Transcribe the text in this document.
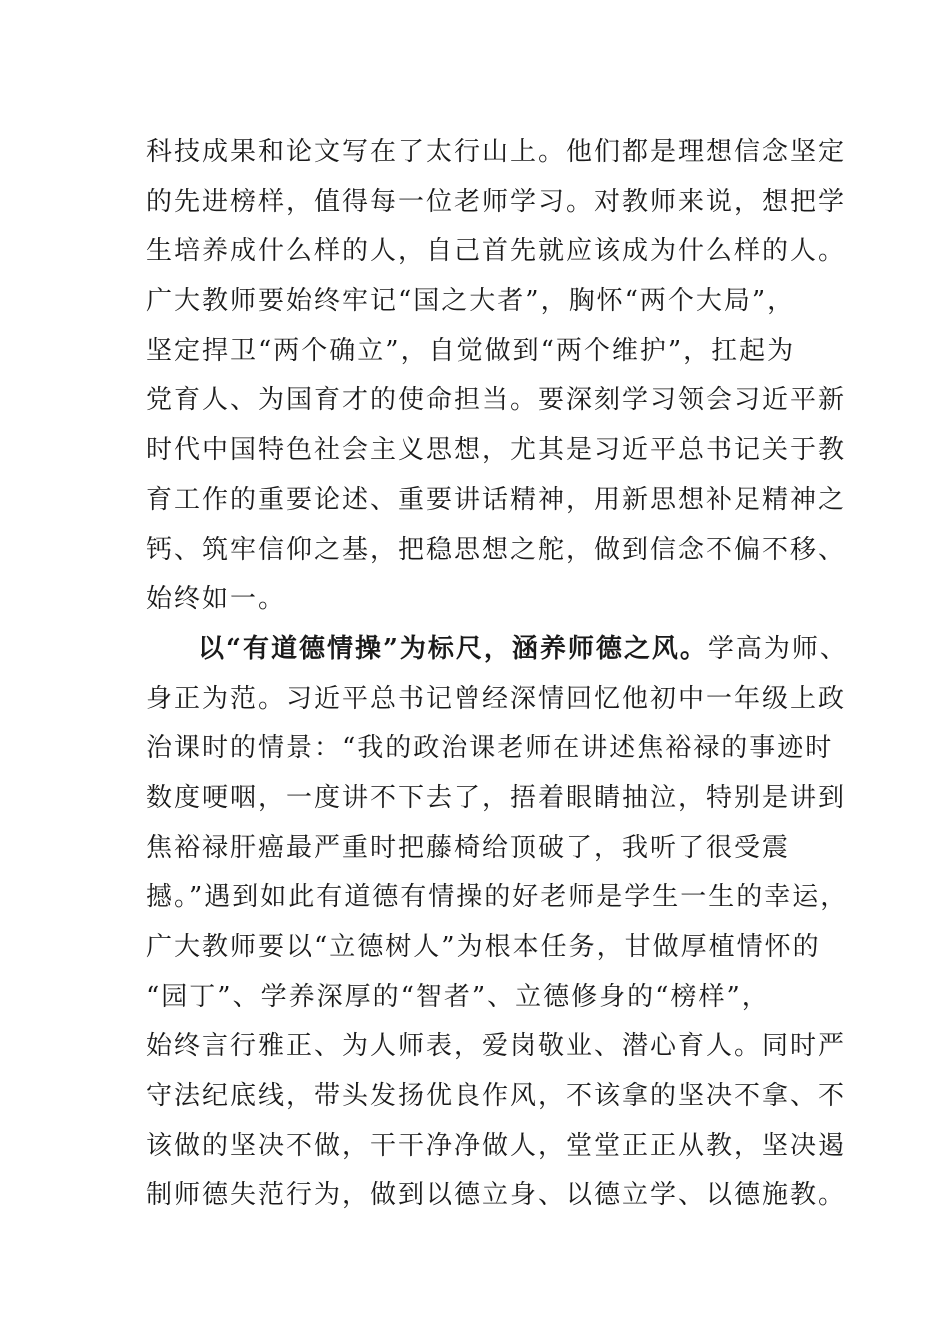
科技成果和论文写在了太行山上。他们都是理想信念坚定
的先进榜样，值得每一位老师学习。对教师来说，想把学
生培养成什么样的人，自己首先就应该成为什么样的人。
广大教师要始终牢记“国之大者”，胸怀“两个大局”，
坚定捍卫“两个确立”，自觉做到“两个维护”，扛起为
党育人、为国育才的使命担当。要深刻学习领会习近平新
时代中国特色社会主义思想，尤其是习近平总书记关于教
育工作的重要论述、重要讲话精神，用新思想补足精神之
钙、筑牢信仰之基，把稳思想之舵，做到信念不偏不移、
始终如一。
以“有道德情操”为标尺，涵养师德之风。学高为师、
身正为范。习近平总书记曾经深情回忆他初中一年级上政
治课时的情景：“我的政治课老师在讲述焦裕禄的事迹时
数度哽咽，一度讲不下去了，捂着眼睛抽泣，特别是讲到
焦裕禄肝癌最严重时把藤椅给顶破了，我听了很受震
撼。”遇到如此有道德有情操的好老师是学生一生的幸运，
广大教师要以“立德树人”为根本任务，甘做厚植情怀的
“园丁”、学养深厚的“智者”、立德修身的“榜样”，
始终言行雅正、为人师表，爱岗敬业、潜心育人。同时严
守法纪底线，带头发扬优良作风，不该拿的坚决不拿、不
该做的坚决不做，干干净净做人，堂堂正正从教，坚决遏
制师德失范行为，做到以德立身、以德立学、以德施教。
